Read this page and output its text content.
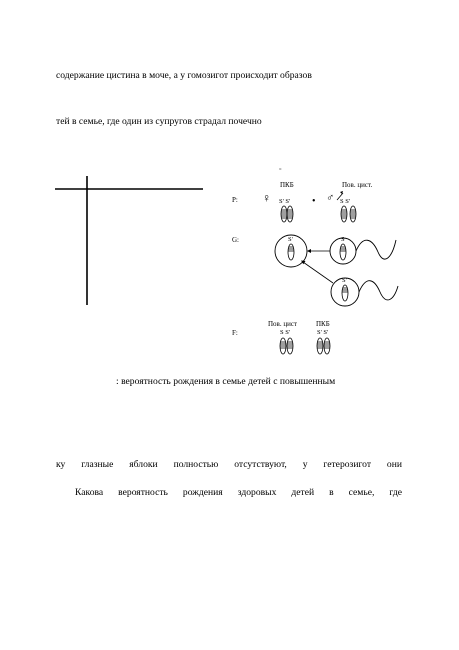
содержание цистина в моче, а у гомозигот происходит образов
тей в семье, где один из супругов страдал почечно
: вероятность рождения в семье детей с повышенным
ку глазные яблоки полностью отсутствуют, у гетерозигот они
Какова вероятность рождения здоровых детей в семье, где
°
ПКБ	Пов. цист.
P: ♀ S' S' • ♂ S S'
G:	S'	S
S'
Пов. цист	ПКБ
F:	S S'	S' S'
